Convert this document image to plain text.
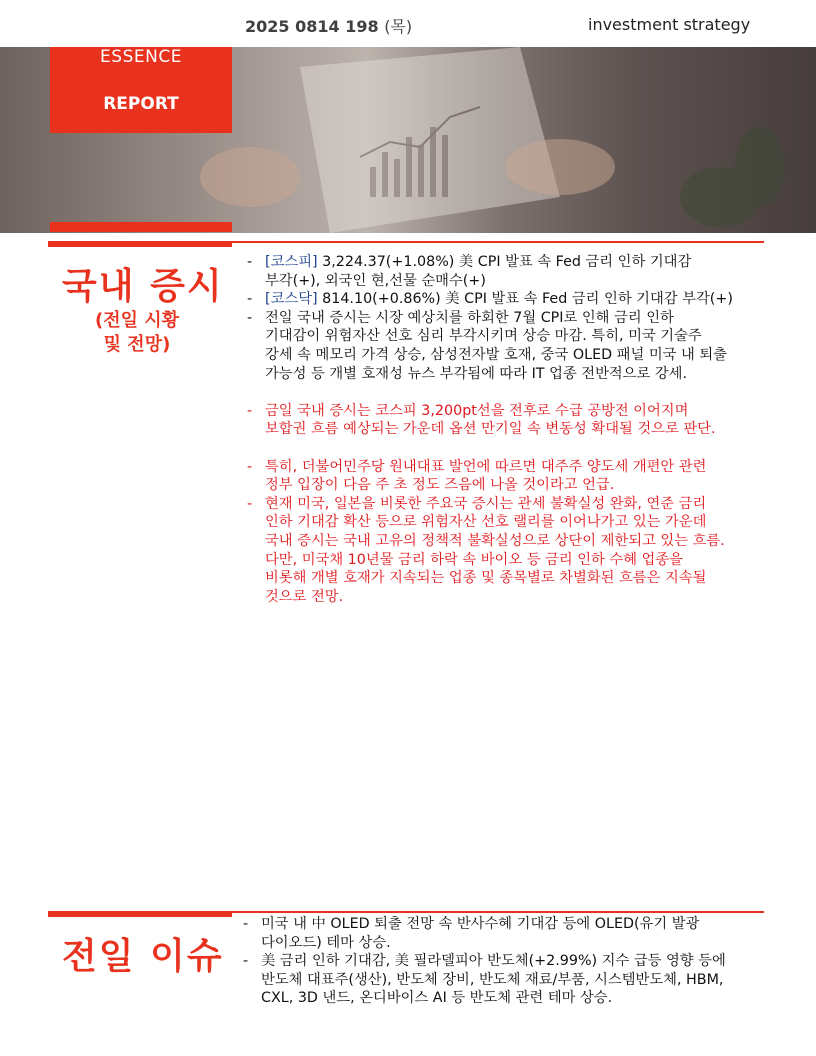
2025 0814 198 (목)	investment strategy
ESSENCE
REPORT
국내 증시
(전일 시황
및 전망)
- [코스피] 3,224.37(+1.08%) 美 CPI 발표 속 Fed 금리 인하 기대감
부각(+), 외국인 현,선물 순매수(+)
- [코스닥] 814.10(+0.86%) 美 CPI 발표 속 Fed 금리 인하 기대감 부각(+)
- 전일 국내 증시는 시장 예상치를 하회한 7월 CPI로 인해 금리 인하
기대감이 위험자산 선호 심리 부각시키며 상승 마감. 특히, 미국 기술주
강세 속 메모리 가격 상승, 삼성전자발 호재, 중국 OLED 패널 미국 내 퇴출
가능성 등 개별 호재성 뉴스 부각됨에 따라 IT 업종 전반적으로 강세.
- 금일 국내 증시는 코스피 3,200pt선을 전후로 수급 공방전 이어지며
보합권 흐름 예상되는 가운데 옵션 만기일 속 변동성 확대될 것으로 판단.
- 특히, 더불어민주당 원내대표 발언에 따르면 대주주 양도세 개편안 관련
정부 입장이 다음 주 초 정도 즈음에 나올 것이라고 언급.
- 현재 미국, 일본을 비롯한 주요국 증시는 관세 불확실성 완화, 연준 금리
인하 기대감 확산 등으로 위험자산 선호 랠리를 이어나가고 있는 가운데
국내 증시는 국내 고유의 정책적 불확실성으로 상단이 제한되고 있는 흐름.
다만, 미국채 10년물 금리 하락 속 바이오 등 금리 인하 수혜 업종을
비롯해 개별 호재가 지속되는 업종 및 종목별로 차별화된 흐름은 지속될
것으로 전망.
전일 이슈
- 미국 내 中 OLED 퇴출 전망 속 반사수혜 기대감 등에 OLED(유기 발광
다이오드) 테마 상승.
- 美 금리 인하 기대감, 美 필라델피아 반도체(+2.99%) 지수 급등 영향 등에
반도체 대표주(생산), 반도체 장비, 반도체 재료/부품, 시스템반도체, HBM,
CXL, 3D 낸드, 온디바이스 AI 등 반도체 관련 테마 상승.
